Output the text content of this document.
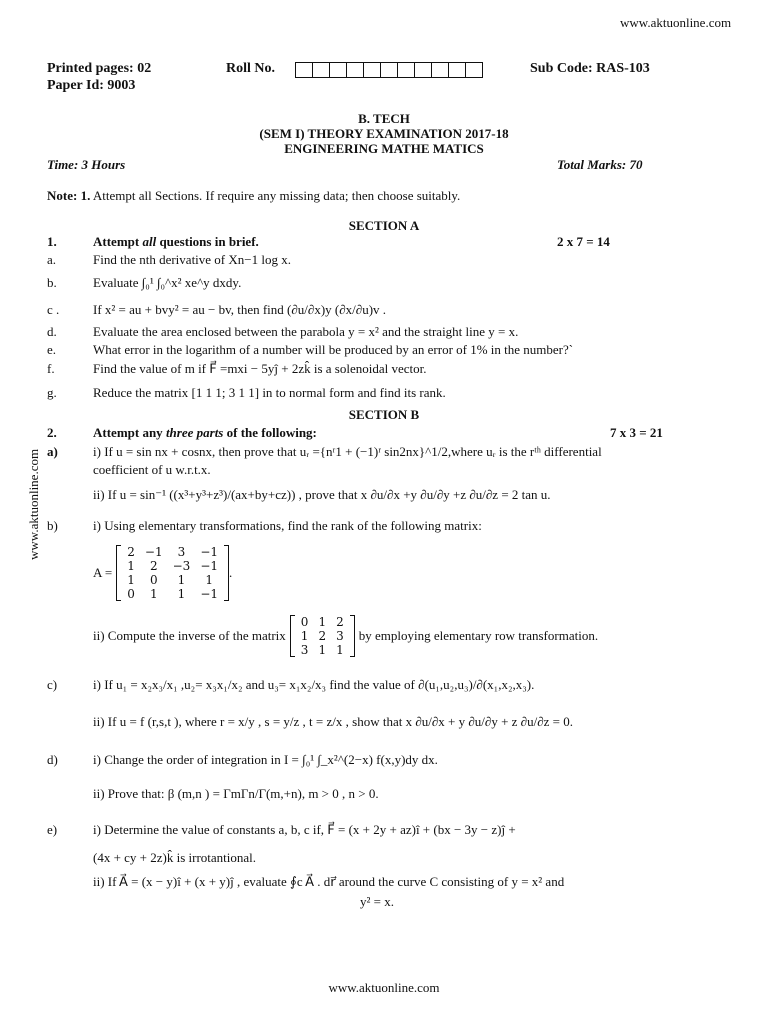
www.aktuonline.com
Printed pages: 02
Paper Id: 9003
Roll No.	Sub Code: RAS-103
B. TECH
(SEM I) THEORY EXAMINATION 2017-18
ENGINEERING MATHE MATICS
Time: 3 Hours	Total Marks: 70
Note: 1. Attempt all Sections. If require any missing data; then choose suitably.
SECTION A
1.	Attempt all questions in brief.	2 x 7 = 14
a.	Find the nth derivative of Xn−1 log x.
b.	Evaluate ∫₀¹ ∫₀^x² xe^y dxdy.
c .	If x² = au + bvy² = au − bv, then find (∂u/∂x)y (∂x/∂u)v .
d.	Evaluate the area enclosed between the parabola y = x² and the straight line y = x.
e.	What error in the logarithm of a number will be produced by an error of 1% in the number?`
f.	Find the value of m if F⃗ =mxi − 5yĵ + 2zk̂ is a solenoidal vector.
g.	Reduce the matrix [1 1 1; 3 1 1] in to normal form and find its rank.
SECTION B
2.	Attempt any three parts of the following:	7 x 3 = 21
a)	i) If u = sin nx + cosnx, then prove that uᵣ ={nʳ1 + (−1)ʳ sin2nx}^1/2,where uᵣ is the rᵗʰ differential
coefficient of u w.r.t.x.
ii) If u = sin⁻¹ ((x³+y³+z³)/(ax+by+cz)) , prove that x ∂u/∂x +y ∂u/∂y +z ∂u/∂z = 2 tan u.
b)	i) Using elementary transformations, find the rank of the following matrix:
A =
2	−1	3	−1
1	2	−3	−1
1	0	1	1
0	1	1	−1
.
ii) Compute the inverse of the matrix
0	1	2
1	2	3
3	1	1
by employing elementary row transformation.
c)	i) If u₁ = x₂x₃/x₁ ,u₂= x₃x₁/x₂ and u₃= x₁x₂/x₃ find the value of ∂(u₁,u₂,u₃)/∂(x₁,x₂,x₃).
ii) If u = f (r,s,t ), where r = x/y , s = y/z , t = z/x , show that x ∂u/∂x + y ∂u/∂y + z ∂u/∂z = 0.
d)	i) Change the order of integration in I = ∫₀¹ ∫_x²^(2−x) f(x,y)dy dx.
ii) Prove that: β (m,n ) = ΓmΓn/Γ(m,+n), m > 0 , n > 0.
e)	i) Determine the value of constants a, b, c if, F⃗ = (x + 2y + az)î + (bx − 3y − z)ĵ +
(4x + cy + 2z)k̂ is irrotantional.
ii) If A⃗ = (x − y)î + (x + y)ĵ , evaluate ∮c A⃗ . dr⃗ around the curve C consisting of y = x² and
y² = x.
www.aktuonline.com
www.aktuonline.com
